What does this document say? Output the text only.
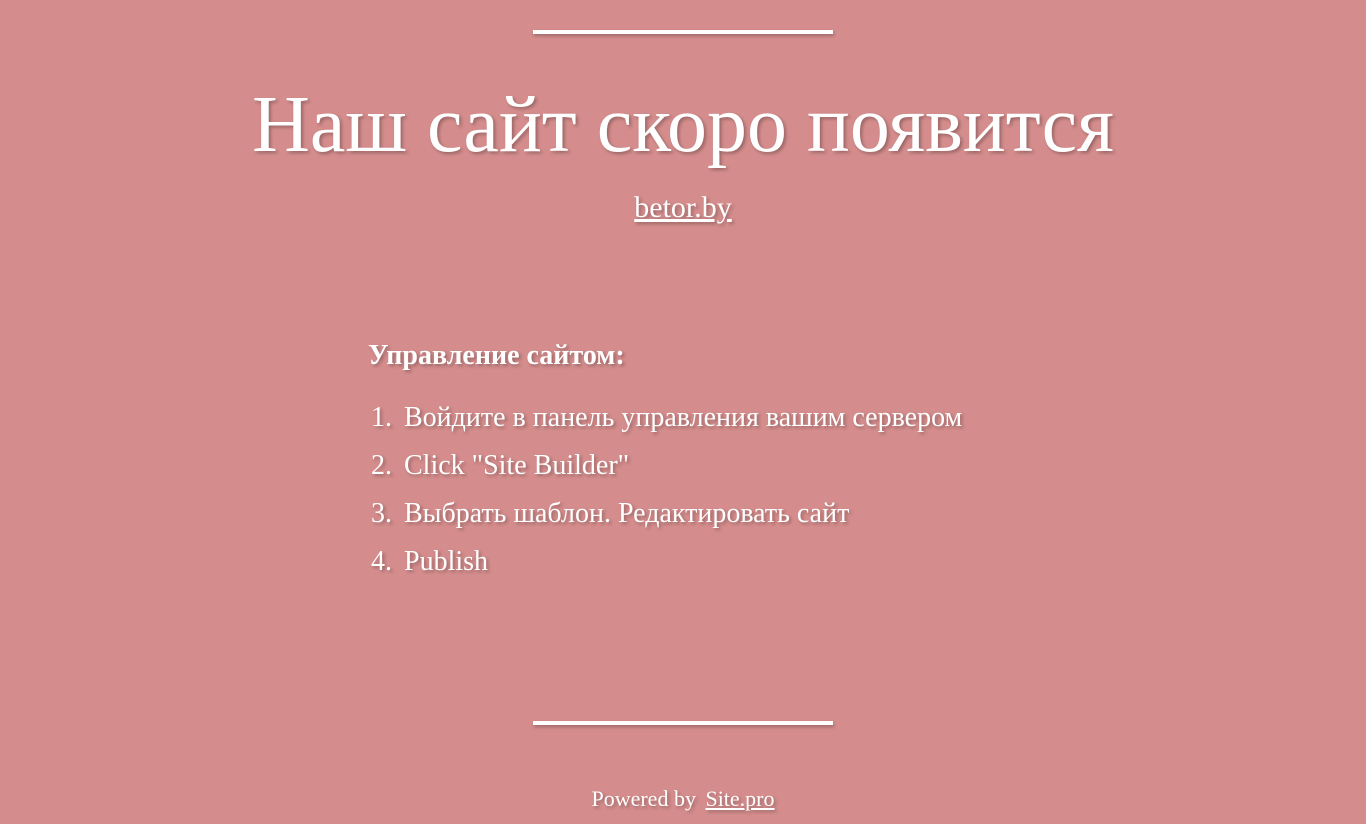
Наш сайт скоро появится
betor.by
Управление сайтом:
1. Войдите в панель управления вашим сервером
2. Click "Site Builder"
3. Выбрать шаблон. Редактировать сайт
4. Publish
Powered by Site.pro
